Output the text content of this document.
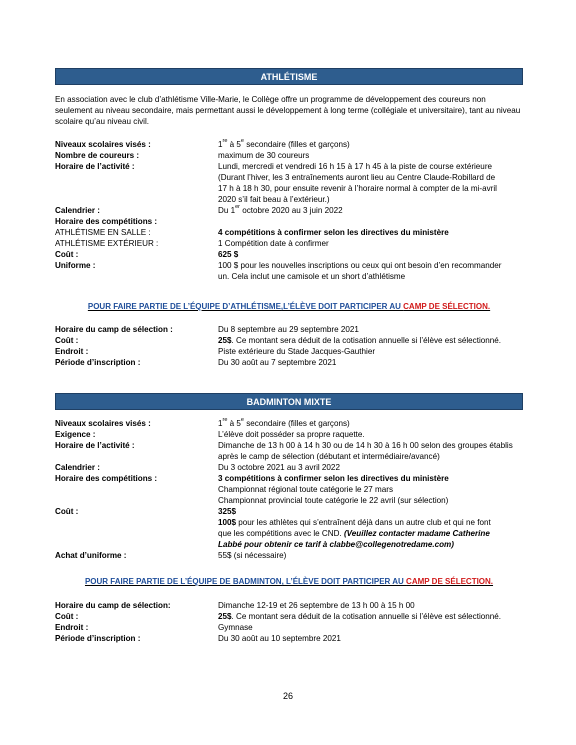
ATHLÉTISME
En association avec le club d’athlétisme Ville-Marie, le Collège offre un programme de développement des coureurs non seulement au niveau secondaire, mais permettant aussi le développement à long terme (collégiale et universitaire), tant au niveau scolaire qu’au niveau civil.
Niveaux scolaires visés :	1re à 5e secondaire (filles et garçons)
Nombre de coureurs :	maximum de 30 coureurs
Horaire de l’activité :	Lundi, mercredi et vendredi 16 h 15 à 17 h 45 à la piste de course extérieure
(Durant l’hiver, les 3 entraînements auront lieu au Centre Claude-Robillard de
17 h à 18 h 30, pour ensuite revenir à l’horaire normal à compter de la mi-avril
2020 s’il fait beau à l’extérieur.)
Calendrier :	Du 1er octobre 2020 au 3 juin 2022
Horaire des compétitions :
ATHLÉTISME EN SALLE :	4 compétitions à confirmer selon les directives du ministère
ATHLÉTISME EXTÉRIEUR :	1 Compétition date à confirmer
Coût :	625 $
Uniforme :	100 $ pour les nouvelles inscriptions ou ceux qui ont besoin d’en recommander
un. Cela inclut une camisole et un short d’athlétisme
POUR FAIRE PARTIE DE L’ÉQUIPE D’ATHLÉTISME,L’ÉLÈVE DOIT PARTICIPER AU CAMP DE SÉLECTION.
Horaire du camp de sélection :	Du 8 septembre au 29 septembre 2021
Coût :	25$. Ce montant sera déduit de la cotisation annuelle si l’élève est sélectionné.
Endroit :	Piste extérieure du Stade Jacques-Gauthier
Période d’inscription :	Du 30 août au 7 septembre 2021
BADMINTON MIXTE
Niveaux scolaires visés :	1re à 5e secondaire (filles et garçons)
Exigence :	L’élève doit posséder sa propre raquette.
Horaire de l’activité :	Dimanche de 13 h 00 à 14 h 30 ou de 14 h 30 à 16 h 00 selon des groupes établis
après le camp de sélection (débutant et intermédiaire/avancé)
Calendrier :	Du 3 octobre 2021 au 3 avril 2022
Horaire des compétitions :	3 compétitions à confirmer selon les directives du ministère
Championnat régional toute catégorie le 27 mars
Championnat provincial toute catégorie le 22 avril (sur sélection)
Coût :	325$
100$ pour les athlètes qui s’entraînent déjà dans un autre club et qui ne font
que les compétitions avec le CND. (Veuillez contacter madame Catherine
Labbé pour obtenir ce tarif à clabbe@collegenotredame.com)
Achat d’uniforme :	55$ (si nécessaire)
POUR FAIRE PARTIE DE L’ÉQUIPE DE BADMINTON, L’ÉLÈVE DOIT PARTICIPER AU CAMP DE SÉLECTION.
Horaire du camp de sélection:	Dimanche 12-19 et 26 septembre de 13 h 00 à 15 h 00
Coût :	25$. Ce montant sera déduit de la cotisation annuelle si l’élève est sélectionné.
Endroit :	Gymnase
Période d’inscription :	Du 30 août au 10 septembre 2021
26
